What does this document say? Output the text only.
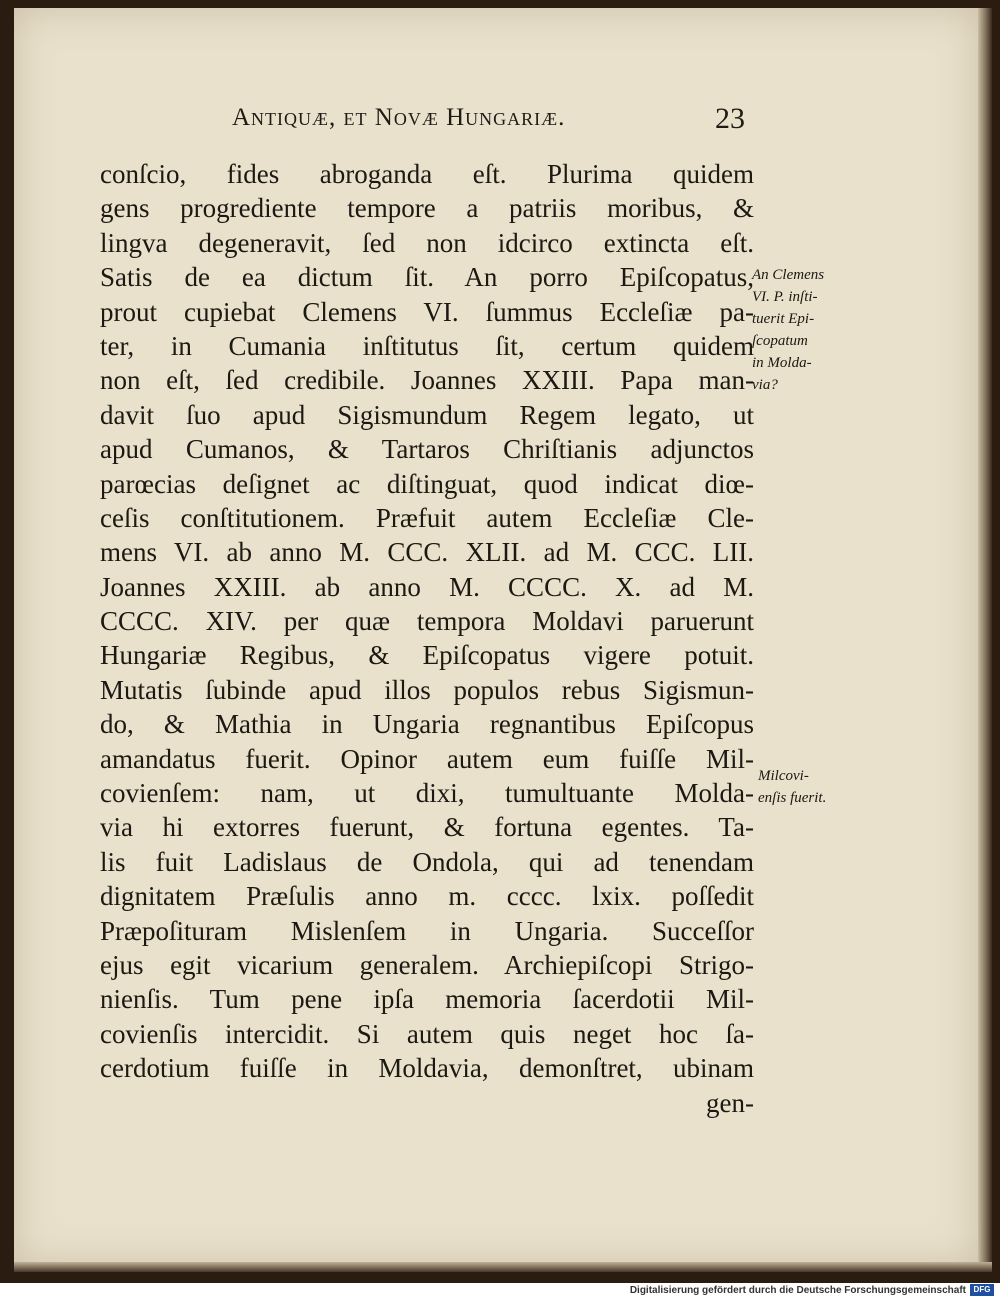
Antiquæ, et Novæ Hungariæ.	23
conſcio, fides abroganda eſt. Plurima quidem
gens progrediente tempore a patriis moribus, &
lingva degeneravit, ſed non idcirco extincta eſt.
Satis de ea dictum ſit. An porro Epiſcopatus,
prout cupiebat Clemens VI. ſummus Eccleſiæ pa-
ter, in Cumania inſtitutus ſit, certum quidem
non eſt, ſed credibile. Joannes XXIII. Papa man-
davit ſuo apud Sigismundum Regem legato, ut
apud Cumanos, & Tartaros Chriſtianis adjunctos
parœcias deſignet ac diſtinguat, quod indicat diœ-
ceſis conſtitutionem. Præfuit autem Eccleſiæ Cle-
mens VI. ab anno M. CCC. XLII. ad M. CCC. LII.
Joannes XXIII. ab anno M. CCCC. X. ad M.
CCCC. XIV. per quæ tempora Moldavi paruerunt
Hungariæ Regibus, & Epiſcopatus vigere potuit.
Mutatis ſubinde apud illos populos rebus Sigismun-
do, & Mathia in Ungaria regnantibus Epiſcopus
amandatus fuerit. Opinor autem eum fuiſſe Mil-
covienſem: nam, ut dixi, tumultuante Molda-
via hi extorres fuerunt, & fortuna egentes. Ta-
lis fuit Ladislaus de Ondola, qui ad tenendam
dignitatem Præſulis anno m. cccc. lxix. poſſedit
Præpoſituram Mislenſem in Ungaria. Succeſſor
ejus egit vicarium generalem. Archiepiſcopi Strigo-
nienſis. Tum pene ipſa memoria ſacerdotii Mil-
covienſis intercidit. Si autem quis neget hoc ſa-
cerdotium fuiſſe in Moldavia, demonſtret, ubinam
gen-
An Clemens
VI. P. inſti-
tuerit Epi-
ſcopatum
in Molda-
via?
Milcovi-
enſis fuerit.
Digitalisierung gefördert durch die Deutsche Forschungsgemeinschaft DFG
